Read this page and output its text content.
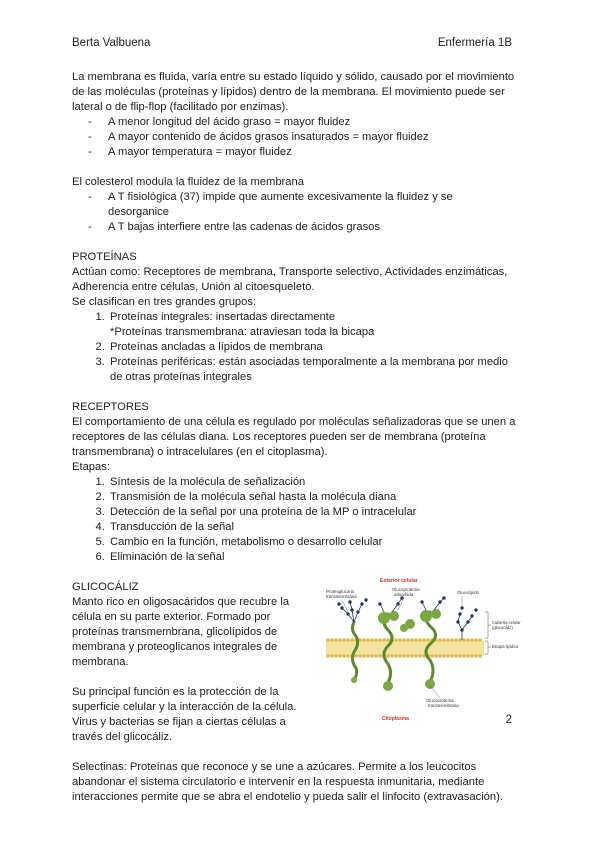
Berta Valbuena	Enfermería 1B

La membrana es fluida, varía entre su estado líquido y sólido, causado por el movimiento de las moléculas (proteínas y lípidos) dentro de la membrana. El movimiento puede ser lateral o de flip-flop (facilitado por enzimas).

- A menor longitud del ácido graso = mayor fluidez
- A mayor contenido de ácidos grasos insaturados = mayor fluidez
- A mayor temperatura = mayor fluidez

El colesterol modula la fluidez de la membrana

- A T fisiológica (37) impide que aumente excesivamente la fluidez y se desorganice
- A T bajas interfiere entre las cadenas de ácidos grasos

PROTEÍNAS

Actúan como: Receptores de membrana, Transporte selectivo, Actividades enzimáticas, Adherencia entre células, Unión al citoesqueleto.

Se clasifican en tres grandes grupos:

1. Proteínas integrales: insertadas directamente
*Proteínas transmembrana: atraviesan toda la bicapa
2. Proteínas ancladas a lípidos de membrana
3. Proteínas periféricas: están asociadas temporalmente a la membrana por medio de otras proteínas integrales

RECEPTORES

El comportamiento de una célula es regulado por moléculas señalizadoras que se unen a receptores de las células diana. Los receptores pueden ser de membrana (proteína transmembrana) o intracelulares (en el citoplasma).

Etapas:

1. Síntesis de la molécula de señalización
2. Transmisión de la molécula señal hasta la molécula diana
3. Detección de la señal por una proteína de la MP o intracelular
4. Transducción de la señal
5. Cambio en la función, metabolismo o desarrollo celular
6. Eliminación de la señal

GLICOCÁLIZ

Manto rico en oligosacáridos que recubre la célula en su parte exterior. Formado por proteínas transmembrana, glicolípidos de membrana y proteoglicanos integrales de membrana.

Su principal función es la protección de la superficie celular y la interacción de la célula. Virus y bacterias se fijan a ciertas células a través del glicocáliz.

Exterior celular
Proteoglucano
transmembrana
Glucoproteína
adsorbida	Glucolípido
Cubierta celular
(glucocáliz)
Bicapa lipídica
Glucoproteína
transmembrana
Citoplasma

Selectinas: Proteínas que reconoce y se une a azúcares. Permite a los leucocitos abandonar el sistema circulatorio e intervenir en la respuesta inmunitaria, mediante interacciones permite que se abra el endotelio y pueda salir el linfocito (extravasación).

2
